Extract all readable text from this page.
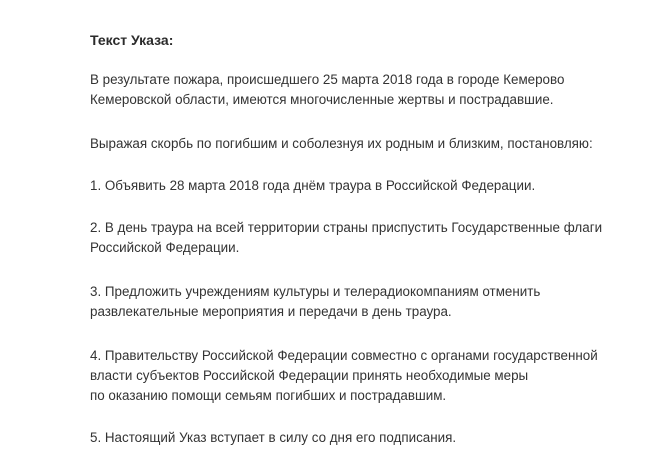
Текст Указа:
В результате пожара, происшедшего 25 марта 2018 года в городе Кемерово
Кемеровской области, имеются многочисленные жертвы и пострадавшие.
Выражая скорбь по погибшим и соболезнуя их родным и близким, постановляю:
1. Объявить 28 марта 2018 года днём траура в Российской Федерации.
2. В день траура на всей территории страны приспустить Государственные флаги
Российской Федерации.
3. Предложить учреждениям культуры и телерадиокомпаниям отменить
развлекательные мероприятия и передачи в день траура.
4. Правительству Российской Федерации совместно с органами государственной
власти субъектов Российской Федерации принять необходимые меры
по оказанию помощи семьям погибших и пострадавшим.
5. Настоящий Указ вступает в силу со дня его подписания.
